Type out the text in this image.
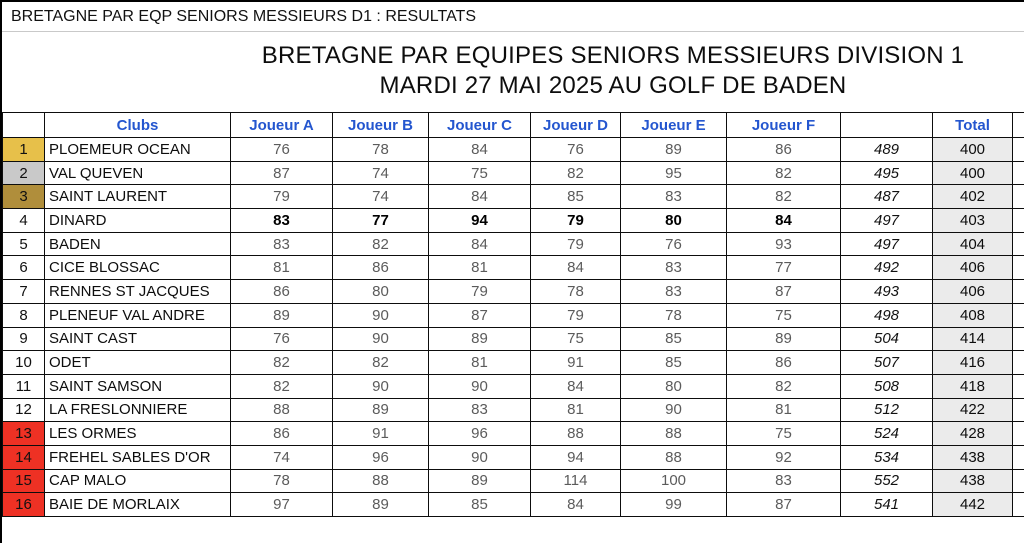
BRETAGNE PAR EQP SENIORS MESSIEURS D1 : RESULTATS
BRETAGNE PAR EQUIPES SENIORS MESSIEURS DIVISION 1
MARDI 27 MAI 2025 AU GOLF DE BADEN
	Clubs	Joueur A	Joueur B	Joueur C	Joueur D	Joueur E	Joueur F		Total	
1	PLOEMEUR OCEAN	76	78	84	76	89	86	489	400	
2	VAL QUEVEN	87	74	75	82	95	82	495	400	
3	SAINT LAURENT	79	74	84	85	83	82	487	402	
4	DINARD	83	77	94	79	80	84	497	403	
5	BADEN	83	82	84	79	76	93	497	404	
6	CICE BLOSSAC	81	86	81	84	83	77	492	406	
7	RENNES ST JACQUES	86	80	79	78	83	87	493	406	
8	PLENEUF VAL ANDRE	89	90	87	79	78	75	498	408	
9	SAINT CAST	76	90	89	75	85	89	504	414	
10	ODET	82	82	81	91	85	86	507	416	
11	SAINT SAMSON	82	90	90	84	80	82	508	418	
12	LA FRESLONNIERE	88	89	83	81	90	81	512	422	
13	LES ORMES	86	91	96	88	88	75	524	428	
14	FREHEL SABLES D'OR	74	96	90	94	88	92	534	438	
15	CAP MALO	78	88	89	114	100	83	552	438	
16	BAIE DE MORLAIX	97	89	85	84	99	87	541	442	
